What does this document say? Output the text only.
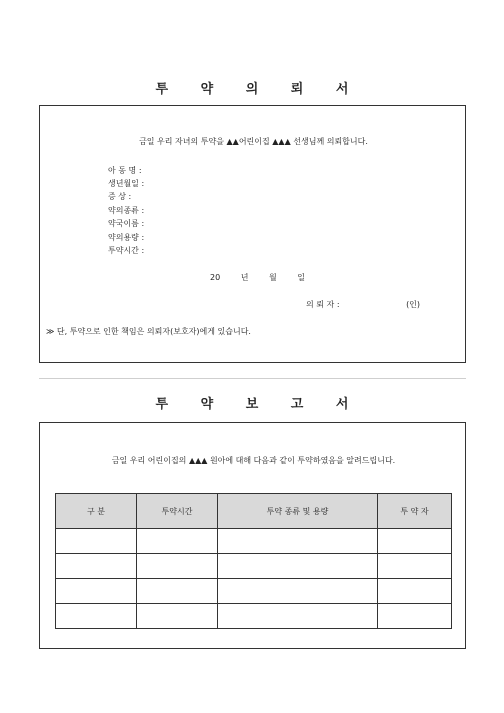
투 약 의 뢰 서
금일 우리 자녀의 투약을 ▲▲어린이집 ▲▲▲ 선생님께 의뢰합니다.
아 동 명 :
생년월일 :
증 상 :
약의종류 :
약국이름 :
약의용량 :
투약시간 :
20	년	월	일
의 뢰 자 :	(인)
≫ 단, 투약으로 인한 책임은 의뢰자(보호자)에게 있습니다.
투 약 보 고 서
금일 우리 어린이집의 ▲▲▲ 원아에 대해 다음과 같이 투약하였음을 알려드립니다.
구 분	투약시간	투약 종류 및 용량	투 약 자
